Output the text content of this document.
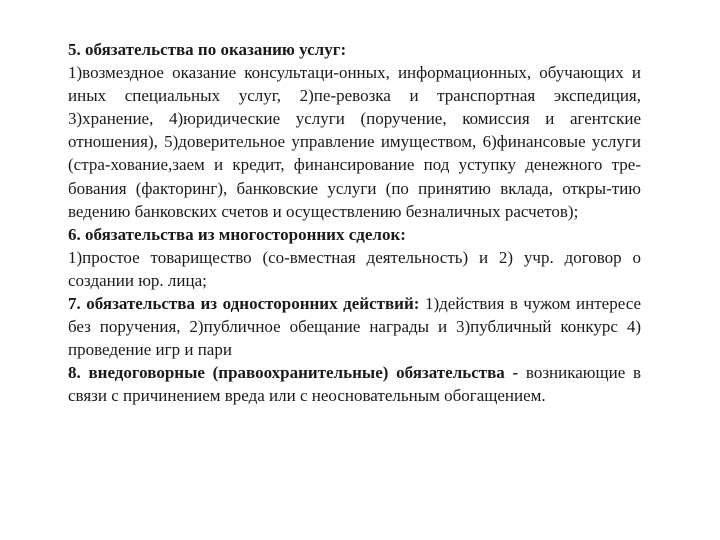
5. обязательства по оказанию услуг:
1)возмездное оказание консультаци-онных, информационных, обучающих и иных специальных услуг, 2)пе-ревозка и транспортная экспедиция, 3)хранение, 4)юридические услуги (поручение, комиссия и агентские отношения), 5)доверительное управление имуществом, 6)финансовые услуги (стра-хование,заем и кредит, финансирование под уступку денежного тре-бования (факторинг), банковские услуги (по принятию вклада, откры-тию ведению банковских счетов и осуществлению безналичных расчетов);

6. обязательства из многосторонних сделок:
1)простое товарищество (со-вместная деятельность) и 2) учр. договор о создании юр. лица;

7. обязательства из односторонних действий: 1)действия в чужом интересе без поручения, 2)публичное обещание награды и 3)публичный конкурс 4) проведение игр и пари

8. внедоговорные (правоохранительные) обязательства - возникающие в связи с причинением вреда или с неосновательным обогащением.
